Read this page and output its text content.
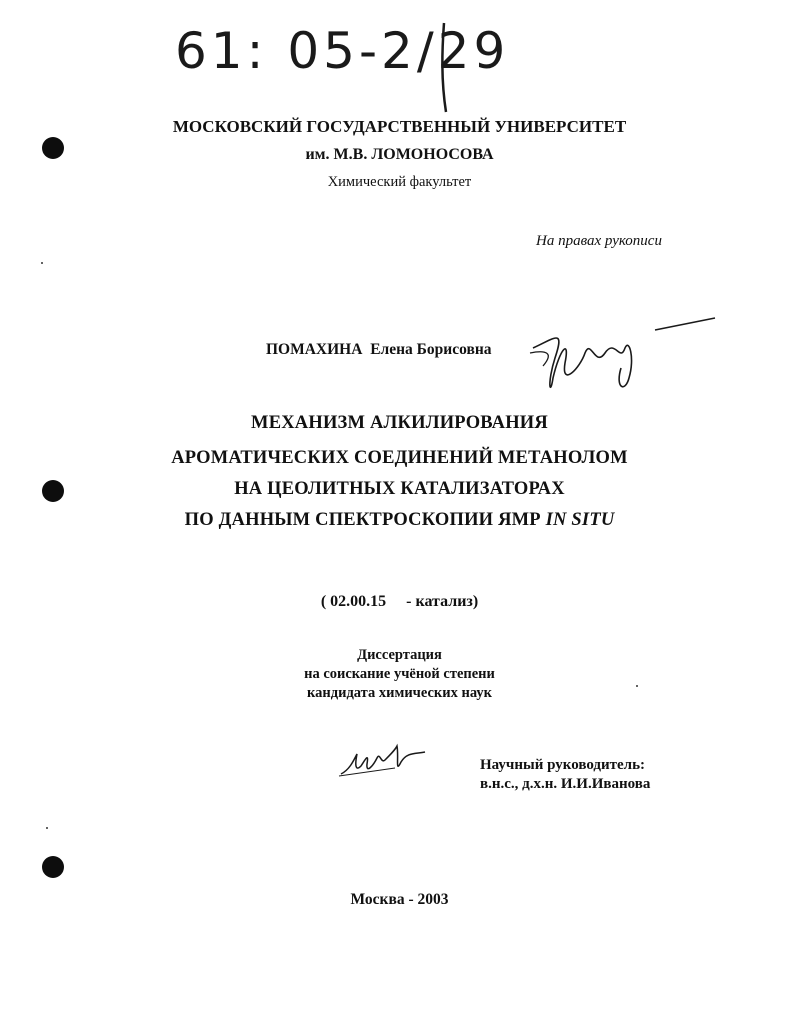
61: 05-2/29
МОСКОВСКИЙ ГОСУДАРСТВЕННЫЙ УНИВЕРСИТЕТ
им. М.В. ЛОМОНОСОВА
Химический факультет
На правах рукописи
ПОМАХИНА Елена Борисовна
МЕХАНИЗМ АЛКИЛИРОВАНИЯ
АРОМАТИЧЕСКИХ СОЕДИНЕНИЙ МЕТАНОЛОМ
НА ЦЕОЛИТНЫХ КАТАЛИЗАТОРАХ
ПО ДАННЫМ СПЕКТРОСКОПИИ ЯМР IN SITU
( 02.00.15 - катализ)
Диссертация
на соискание учёной степени
кандидата химических наук
Научный руководитель:
в.н.с., д.х.н. И.И.Иванова
Москва - 2003
